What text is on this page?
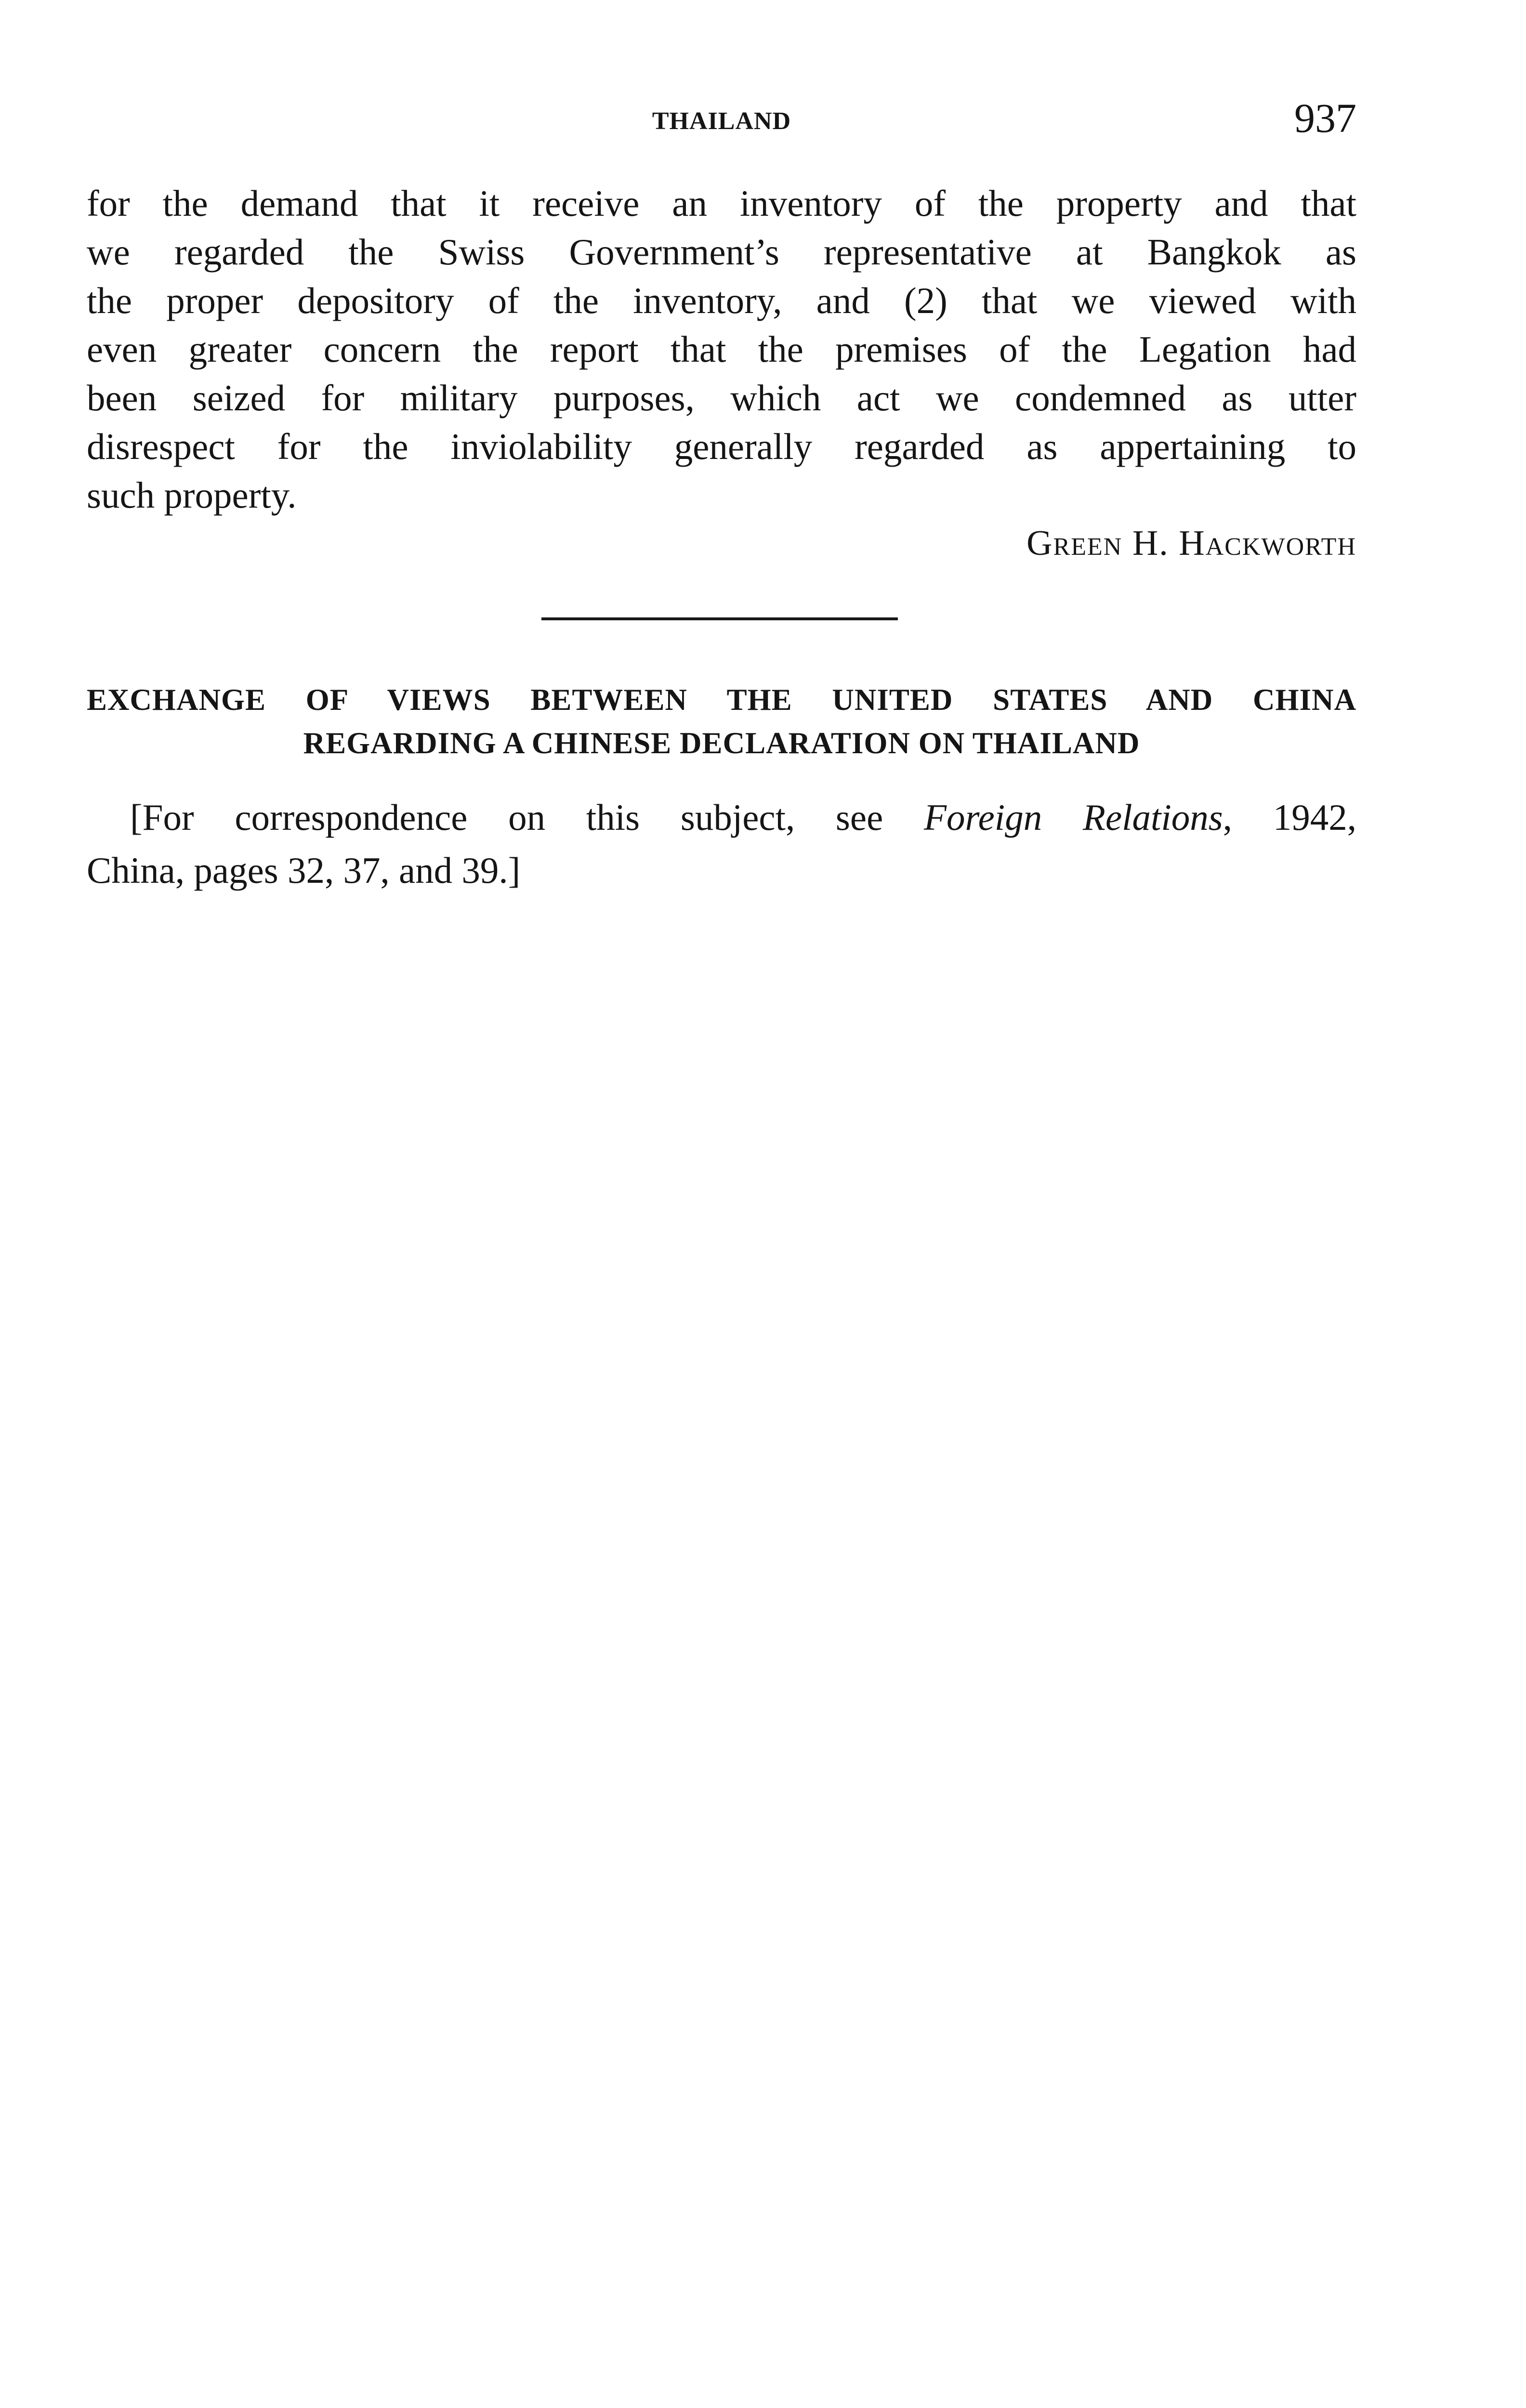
THAILAND	937
for the demand that it receive an inventory of the property and that
we regarded the Swiss Government’s representative at Bangkok as
the proper depository of the inventory, and (2) that we viewed with
even greater concern the report that the premises of the Legation had
been seized for military purposes, which act we condemned as utter
disrespect for the inviolability generally regarded as appertaining to
such property.
Green H. Hackworth
EXCHANGE OF VIEWS BETWEEN THE UNITED STATES AND CHINA
REGARDING A CHINESE DECLARATION ON THAILAND
[For correspondence on this subject, see Foreign Relations, 1942,
China, pages 32, 37, and 39.]
